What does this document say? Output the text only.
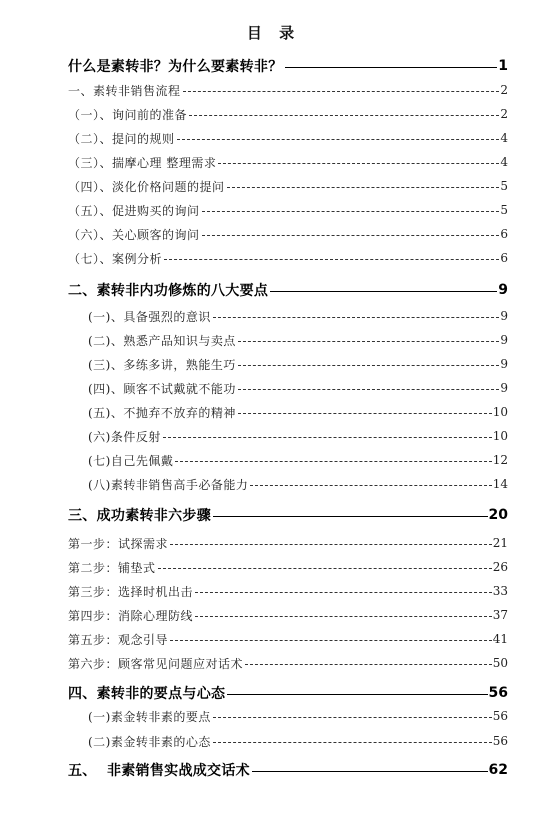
目 录
什么是素转非？为什么要素转非？	1
一、素转非销售流程	2
（一）、询问前的准备	2
（二）、提问的规则	4
（三）、揣摩心理 整理需求	4
（四）、淡化价格问题的提问	5
（五）、促进购买的询问	5
（六）、关心顾客的询问	6
（七）、案例分析	6
二、素转非内功修炼的八大要点	9
(一)、具备强烈的意识	9
(二)、熟悉产品知识与卖点	9
(三)、多练多讲，熟能生巧	9
(四)、顾客不试戴就不能功	9
(五)、不抛弃不放弃的精神	10
(六)条件反射	10
(七)自己先佩戴	12
(八)素转非销售高手必备能力	14
三、成功素转非六步骤	20
第一步：试探需求	21
第二步：铺垫式	26
第三步：选择时机出击	33
第四步：消除心理防线	37
第五步：观念引导	41
第六步：顾客常见问题应对话术	50
四、素转非的要点与心态	56
(一)素金转非素的要点	56
(二)素金转非素的心态	56
五、  非素销售实战成交话术	62
